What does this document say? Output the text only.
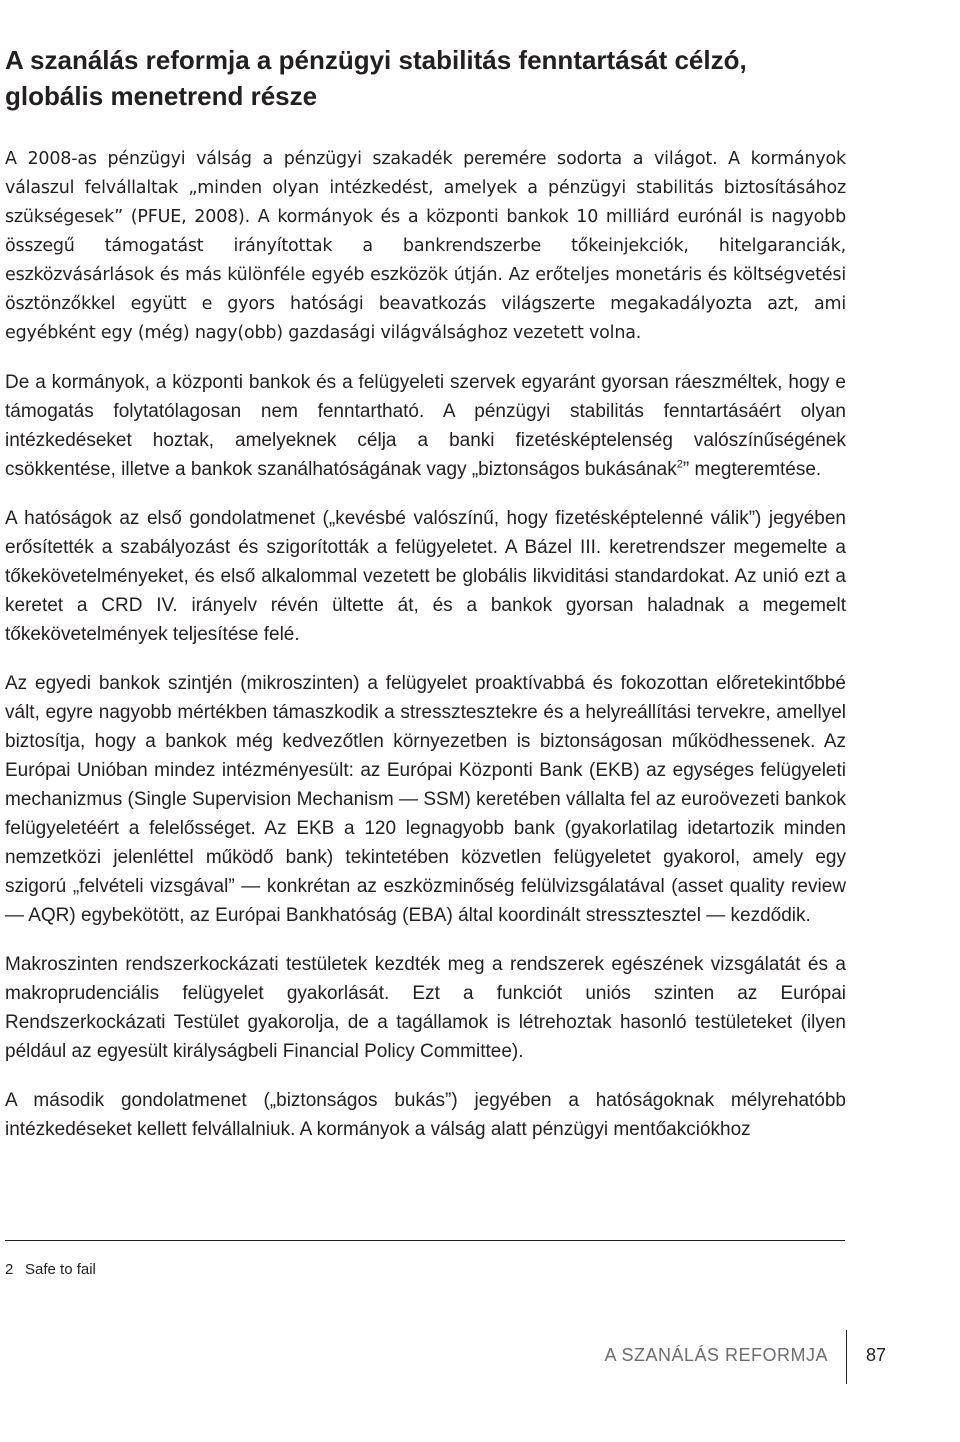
A szanálás reformja a pénzügyi stabilitás fenntartását célzó, globális menetrend része

A 2008-as pénzügyi válság a pénzügyi szakadék peremére sodorta a világot. A kormányok válaszul felvállaltak „minden olyan intézkedést, amelyek a pénzügyi stabilitás biztosításához szükségesek” (PFUE, 2008). A kormányok és a központi bankok 10 milliárd eurónál is nagyobb összegű támogatást irányítottak a bankrendszerbe tőkeinjekciók, hitelgaranciák, eszközvásárlások és más különféle egyéb eszközök útján. Az erőteljes monetáris és költségvetési ösztönzőkkel együtt e gyors hatósági beavatkozás világszerte megakadályozta azt, ami egyébként egy (még) nagy(obb) gazdasági világválsághoz vezetett volna.

De a kormányok, a központi bankok és a felügyeleti szervek egyaránt gyorsan ráeszméltek, hogy e támogatás folytatólagosan nem fenntartható. A pénzügyi stabilitás fenntartásáért olyan intézkedéseket hoztak, amelyeknek célja a banki fizetésképtelenség valószínűségének csökkentése, illetve a bankok szanálhatóságának vagy „biztonságos bukásának$^2$” megteremtése.

A hatóságok az első gondolatmenet („kevésbé valószínű, hogy fizetésképtelenné válik”) jegyében erősítették a szabályozást és szigorították a felügyeletet. A Bázel III. keretrendszer megemelte a tőkekövetelményeket, és első alkalommal vezetett be globális likviditási standardokat. Az unió ezt a keretet a CRD IV. irányelv révén ültette át, és a bankok gyorsan haladnak a megemelt tőkekövetelmények teljesítése felé.

Az egyedi bankok szintjén (mikroszinten) a felügyelet proaktívabbá és fokozottan előretekintőbbé vált, egyre nagyobb mértékben támaszkodik a stressztesztekre és a helyreállítási tervekre, amellyel biztosítja, hogy a bankok még kedvezőtlen környezetben is biztonságosan működhessenek. Az Európai Unióban mindez intézményesült: az Európai Központi Bank (EKB) az egységes felügyeleti mechanizmus (Single Supervision Mechanism — SSM) keretében vállalta fel az euroövezeti bankok felügyeletéért a felelősséget. Az EKB a 120 legnagyobb bank (gyakorlatilag idetartozik minden nemzetközi jelenléttel működő bank) tekintetében közvetlen felügyeletet gyakorol, amely egy szigorú „felvételi vizsgával” — konkrétan az eszközminőség felülvizsgálatával (asset quality review — AQR) egybekötött, az Európai Bankhatóság (EBA) által koordinált stressztesztel — kezdődik.

Makroszinten rendszerkockázati testületek kezdték meg a rendszerek egészének vizsgálatát és a makroprudenciális felügyelet gyakorlását. Ezt a funkciót uniós szinten az Európai Rendszerkockázati Testület gyakorolja, de a tagállamok is létrehoztak hasonló testületeket (ilyen például az egyesült királyságbeli Financial Policy Committee).

A második gondolatmenet („biztonságos bukás”) jegyében a hatóságoknak mélyrehatóbb intézkedéseket kellett felvállalniuk. A kormányok a válság alatt pénzügyi mentőakciókhoz

2 Safe to fail
A SZANÁLÁS REFORMJA 87
